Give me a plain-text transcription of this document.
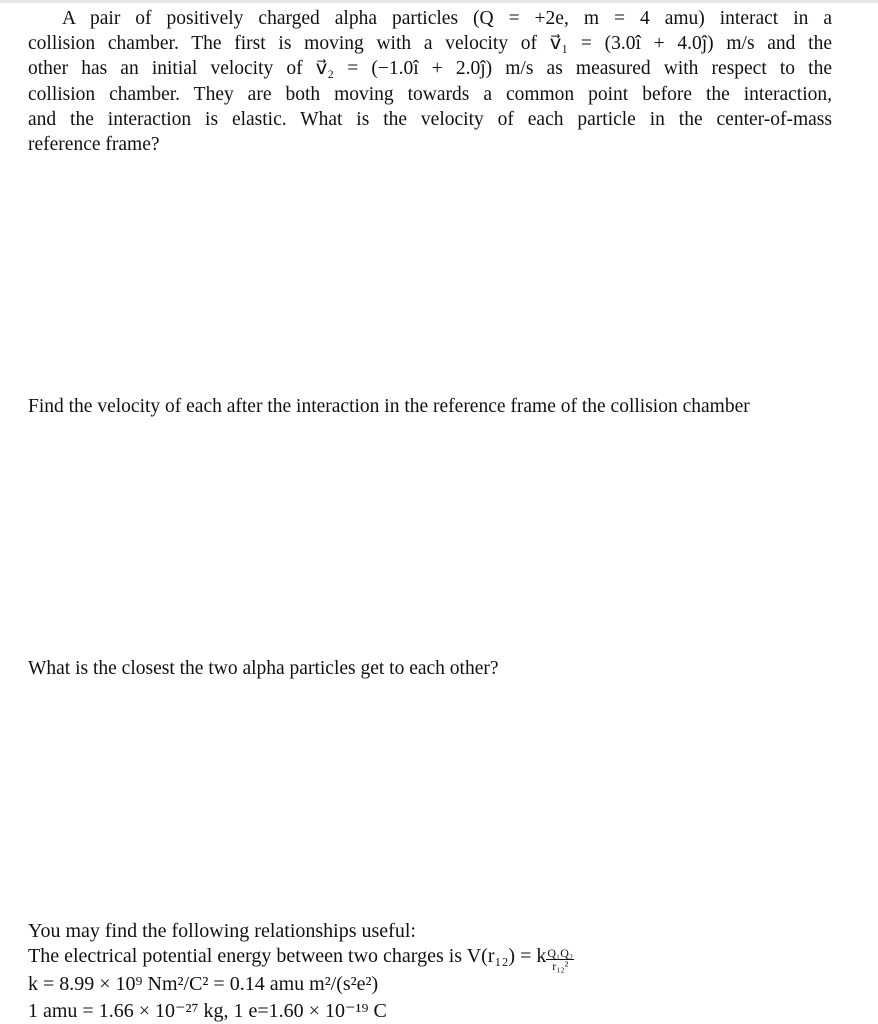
A pair of positively charged alpha particles (Q = +2e, m = 4 amu) interact in a
collision chamber. The first is moving with a velocity of v⃗₁ = (3.0î + 4.0ĵ) m/s and the
other has an initial velocity of v⃗₂ = (−1.0î + 2.0ĵ) m/s as measured with respect to the
collision chamber. They are both moving towards a common point before the interaction,
and the interaction is elastic. What is the velocity of each particle in the center-of-mass
reference frame?
Find the velocity of each after the interaction in the reference frame of the collision chamber
What is the closest the two alpha particles get to each other?
You may find the following relationships useful:
The electrical potential energy between two charges is V(r₁₂) = k $\frac{\text{Q₁Q₂}}{\text{r₁₂²}}$
k = 8.99 × 10⁹ Nm²/C² = 0.14 amu m²/(s²e²)
1 amu = 1.66 × 10⁻²⁷ kg, 1 e=1.60 × 10⁻¹⁹ C
